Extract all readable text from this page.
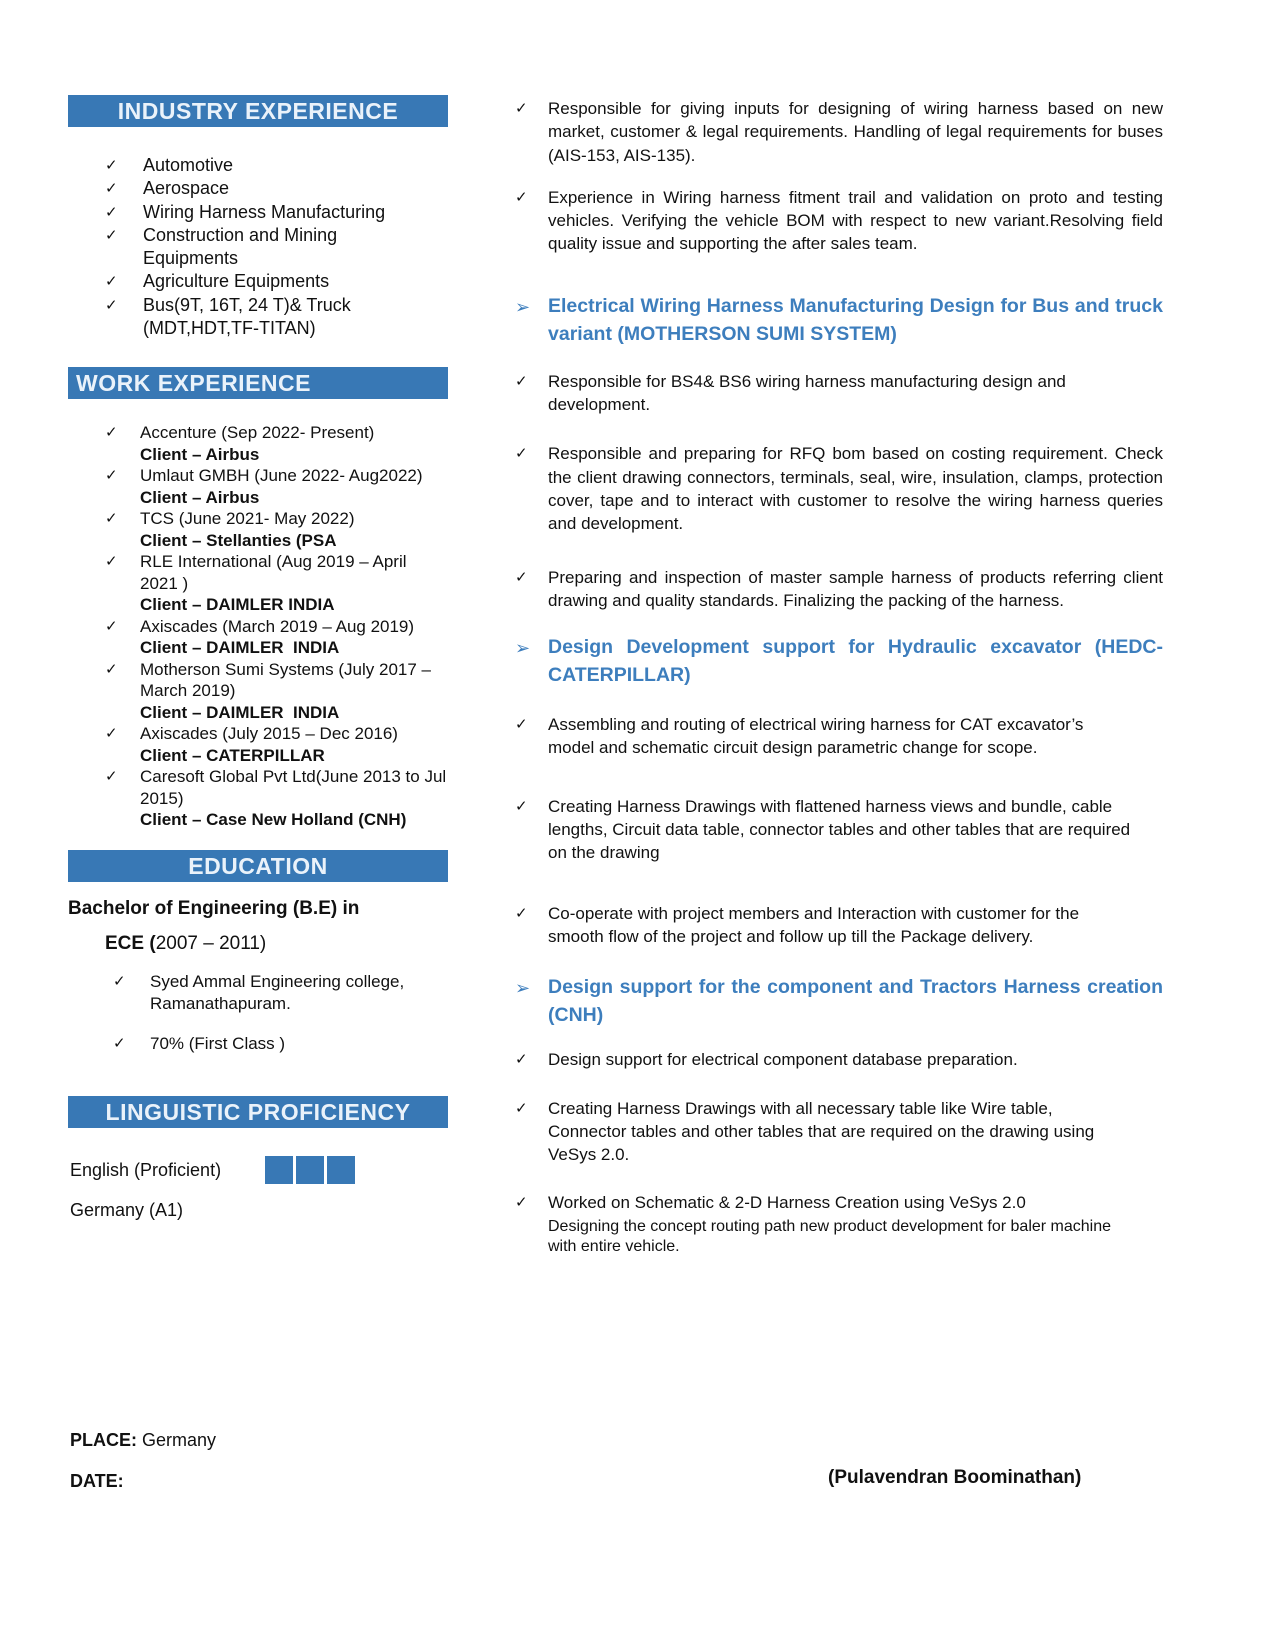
INDUSTRY EXPERIENCE
✓ Automotive
✓ Aerospace
✓ Wiring Harness Manufacturing
✓ Construction and Mining Equipments
✓ Agriculture Equipments
✓ Bus(9T, 16T, 24 T)& Truck (MDT,HDT,TF-TITAN)
WORK EXPERIENCE
✓ Accenture (Sep 2022- Present)
Client – Airbus
✓ Umlaut GMBH (June 2022- Aug2022)
Client – Airbus
✓ TCS (June 2021- May 2022)
Client – Stellanties (PSA
✓ RLE International (Aug 2019 – April 2021 )
Client – DAIMLER INDIA
✓ Axiscades (March 2019 – Aug 2019)
Client – DAIMLER  INDIA
✓ Motherson Sumi Systems (July 2017 – March 2019)
Client – DAIMLER  INDIA
✓ Axiscades (July 2015 – Dec 2016)
Client – CATERPILLAR
✓ Caresoft Global Pvt Ltd(June 2013 to Jul 2015)
Client – Case New Holland (CNH)
EDUCATION
Bachelor of Engineering (B.E) in
ECE (2007 – 2011)
✓ Syed Ammal Engineering college, Ramanathapuram.
✓ 70% (First Class )
LINGUISTIC PROFICIENCY
English (Proficient)
Germany (A1)
✓ Responsible for giving inputs for designing of wiring harness based on new market, customer & legal requirements. Handling of legal requirements for buses (AIS-153, AIS-135).
✓ Experience in Wiring harness fitment trail and validation on proto and testing vehicles. Verifying the vehicle BOM with respect to new variant.Resolving field quality issue and supporting the after sales team.
➢ Electrical Wiring Harness Manufacturing Design for Bus and truck variant (MOTHERSON SUMI SYSTEM)
✓ Responsible for BS4& BS6 wiring harness manufacturing design and development.
✓ Responsible and preparing for RFQ bom based on costing requirement. Check the client drawing connectors, terminals, seal, wire, insulation, clamps, protection cover, tape and to interact with customer to resolve the wiring harness queries and development.
✓ Preparing and inspection of master sample harness of products referring client drawing and quality standards. Finalizing the packing of the harness.
➢ Design Development support for Hydraulic excavator (HEDC-CATERPILLAR)
✓ Assembling and routing of electrical wiring harness for CAT excavator’s model and schematic circuit design parametric change for scope.
✓ Creating Harness Drawings with flattened harness views and bundle, cable lengths, Circuit data table, connector tables and other tables that are required on the drawing
✓ Co-operate with project members and Interaction with customer for the smooth flow of the project and follow up till the Package delivery.
➢ Design support for the component and Tractors Harness creation (CNH)
✓ Design support for electrical component database preparation.
✓ Creating Harness Drawings with all necessary table like Wire table, Connector tables and other tables that are required on the drawing using VeSys 2.0.
✓ Worked on Schematic & 2-D Harness Creation using VeSys 2.0
Designing the concept routing path new product development for baler machine with entire vehicle.
PLACE: Germany
DATE:	(Pulavendran Boominathan)
